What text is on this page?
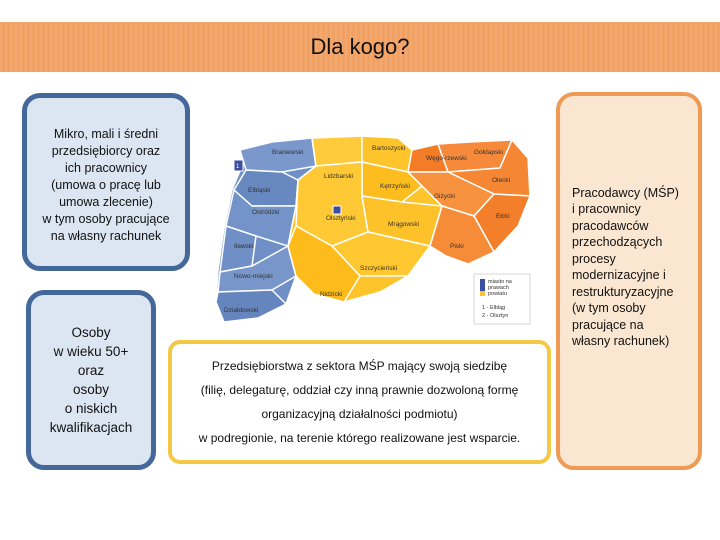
Dla kogo?
Mikro, mali i średni
przedsiębiorcy oraz
ich pracownicy
(umowa o pracę lub
umowa zlecenie)
w tym osoby pracujące
na własny rachunek
Osoby
w wieku 50+
oraz
osoby
o niskich
kwalifikacjach
Pracodawcy (MŚP)
i pracownicy
pracodawców
przechodzących
procesy
modernizacyjne i
restrukturyzacyjne
(w tym osoby
pracujące na
własny rachunek)
Przedsiębiorstwa z sektora MŚP mający swoją siedzibę
(filię, delegaturę, oddział czy inną prawnie dozwoloną formę
organizacyjną działalności podmiotu)
w podregionie, na terenie którego realizowane jest wsparcie.
1
Braniewski
Bartoszycki
Węgo-rzewski
Gołdapski
Lidzbarski
Kętrzyński
Olecki
Elbląski
Giżycki
Ostródzki
Olsztyński
Mrągowski
Ełcki
Iławski	Piski
Szczycieński
Nowo-miejski
Nidzicki
Działdowski
miasto na
prawach
powiatu
1 - Elbląg
2 - Olsztyn
